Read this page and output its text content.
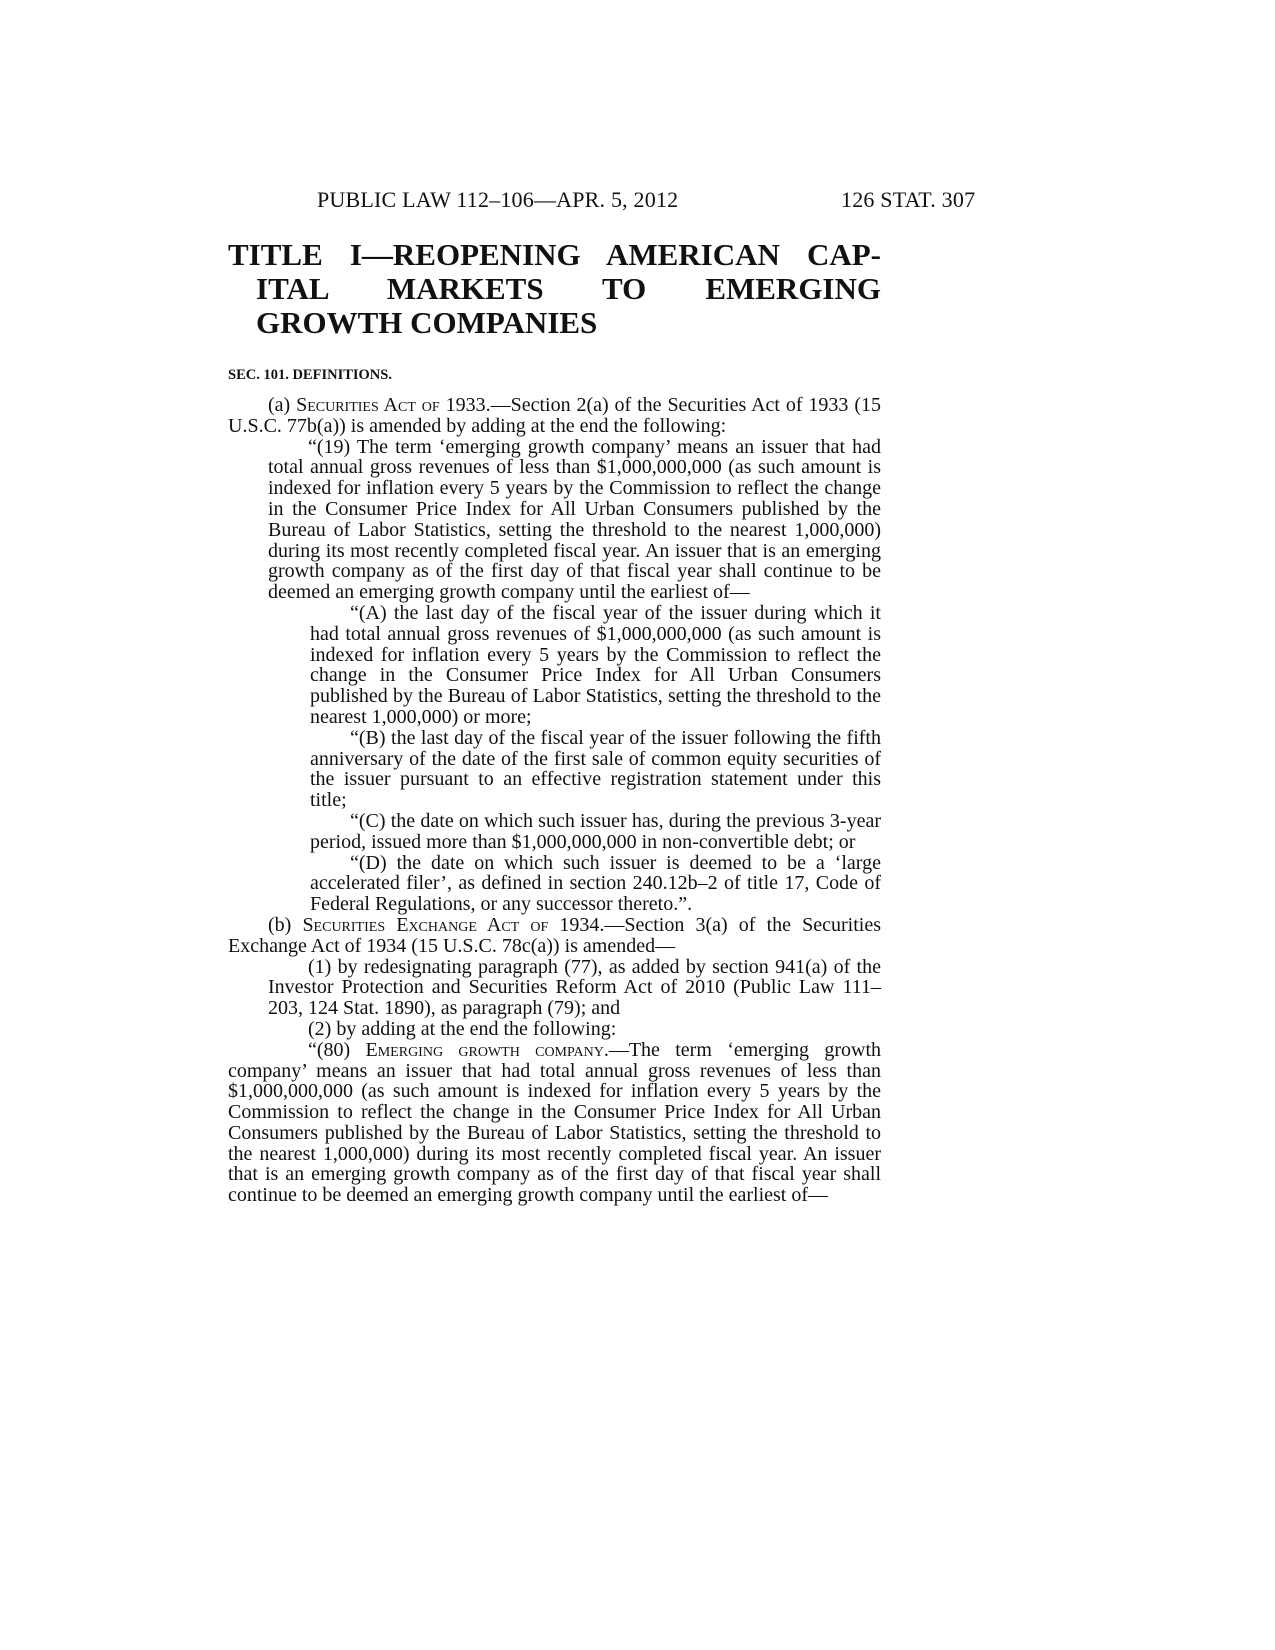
PUBLIC LAW 112–106—APR. 5, 2012	126 STAT. 307
TITLE I—REOPENING AMERICAN CAP-
ITAL MARKETS TO EMERGING
GROWTH COMPANIES
SEC. 101. DEFINITIONS.

(a) Securities Act of 1933.—Section 2(a) of the Securities Act of 1933 (15 U.S.C. 77b(a)) is amended by adding at the end the following:

“(19) The term ‘emerging growth company’ means an issuer that had total annual gross revenues of less than $1,000,000,000 (as such amount is indexed for inflation every 5 years by the Commission to reflect the change in the Consumer Price Index for All Urban Consumers published by the Bureau of Labor Statistics, setting the threshold to the nearest 1,000,000) during its most recently completed fiscal year. An issuer that is an emerging growth company as of the first day of that fiscal year shall continue to be deemed an emerging growth company until the earliest of—

“(A) the last day of the fiscal year of the issuer during which it had total annual gross revenues of $1,000,000,000 (as such amount is indexed for inflation every 5 years by the Commission to reflect the change in the Consumer Price Index for All Urban Consumers published by the Bureau of Labor Statistics, setting the threshold to the nearest 1,000,000) or more;

“(B) the last day of the fiscal year of the issuer following the fifth anniversary of the date of the first sale of common equity securities of the issuer pursuant to an effective registration statement under this title;

“(C) the date on which such issuer has, during the previous 3-year period, issued more than $1,000,000,000 in non-convertible debt; or

“(D) the date on which such issuer is deemed to be a ‘large accelerated filer’, as defined in section 240.12b–2 of title 17, Code of Federal Regulations, or any successor thereto.”.

(b) Securities Exchange Act of 1934.—Section 3(a) of the Securities Exchange Act of 1934 (15 U.S.C. 78c(a)) is amended—

(1) by redesignating paragraph (77), as added by section 941(a) of the Investor Protection and Securities Reform Act of 2010 (Public Law 111–203, 124 Stat. 1890), as paragraph (79); and

(2) by adding at the end the following:

“(80) Emerging growth company.—The term ‘emerging growth company’ means an issuer that had total annual gross revenues of less than $1,000,000,000 (as such amount is indexed for inflation every 5 years by the Commission to reflect the change in the Consumer Price Index for All Urban Consumers published by the Bureau of Labor Statistics, setting the threshold to the nearest 1,000,000) during its most recently completed fiscal year. An issuer that is an emerging growth company as of the first day of that fiscal year shall continue to be deemed an emerging growth company until the earliest of—
